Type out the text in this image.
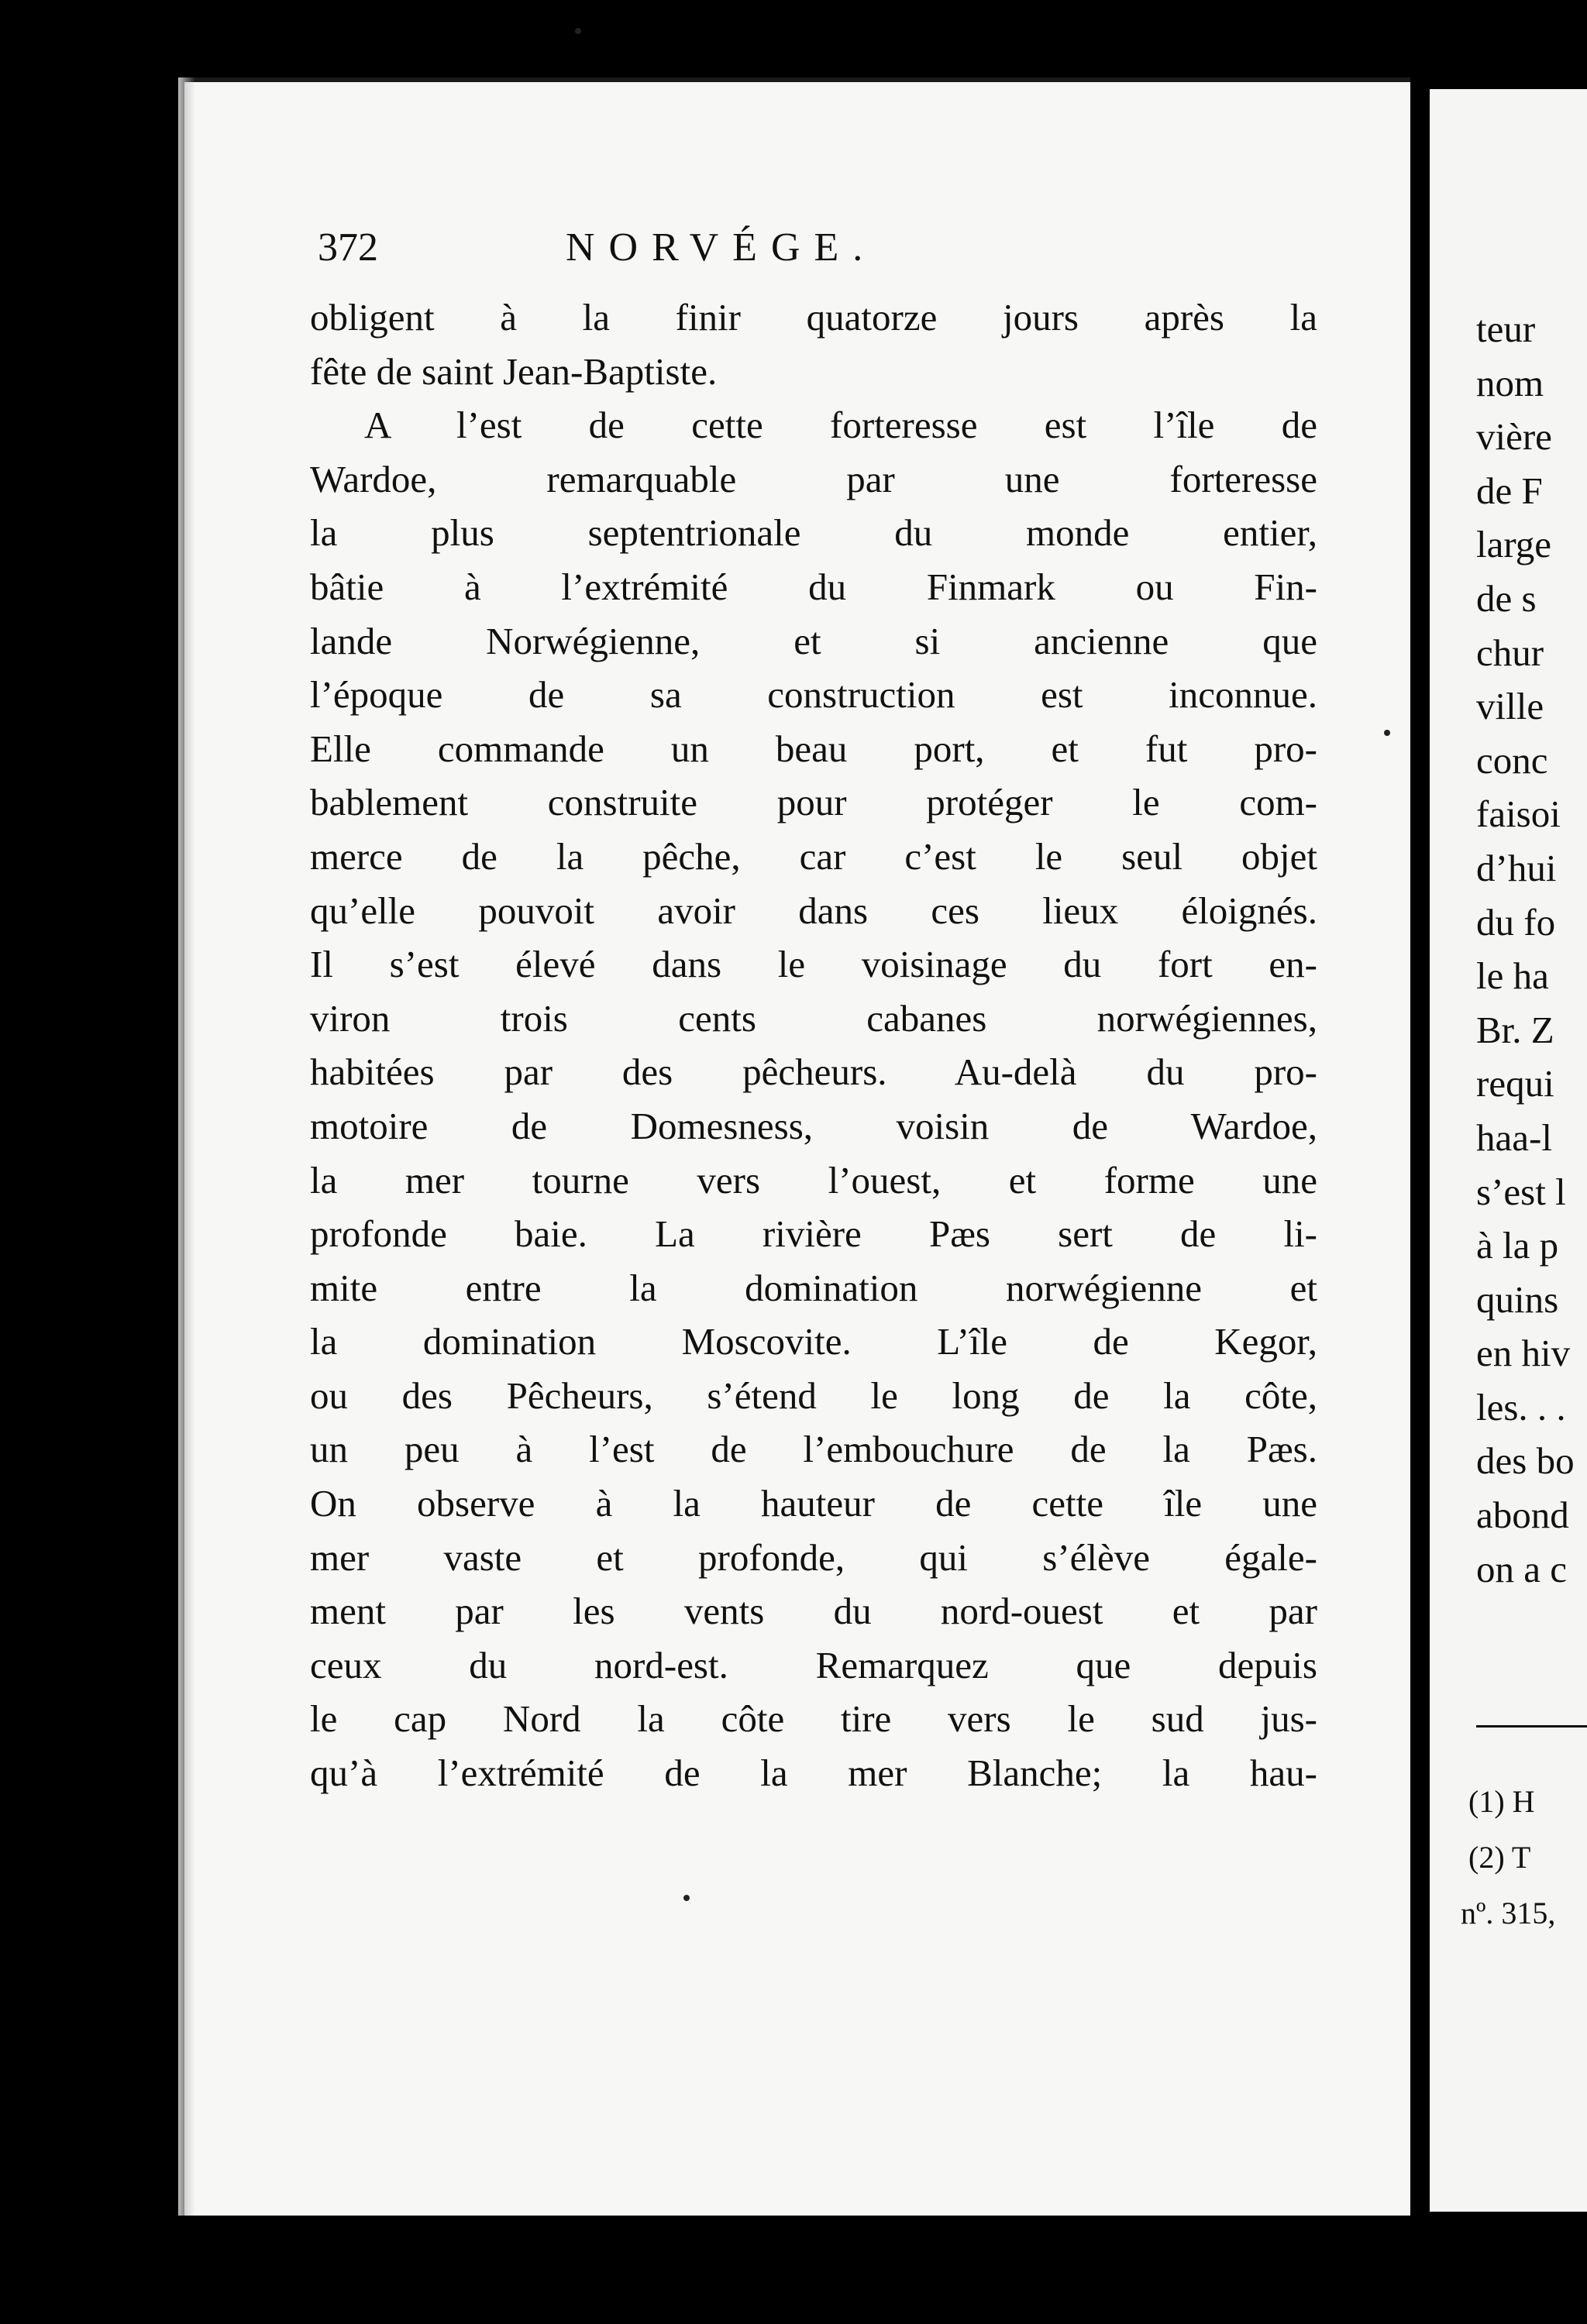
372	NORVÉGE.
obligent à la finir quatorze jours après la
fête de saint Jean-Baptiste.
A l’est de cette forteresse est l’île de
Wardoe, remarquable par une forteresse
la plus septentrionale du monde entier,
bâtie à l’extrémité du Finmark ou Fin-
lande Norwégienne, et si ancienne que
l’époque de sa construction est inconnue.
Elle commande un beau port, et fut pro-
bablement construite pour protéger le com-
merce de la pêche, car c’est le seul objet
qu’elle pouvoit avoir dans ces lieux éloignés.
Il s’est élevé dans le voisinage du fort en-
viron trois cents cabanes norwégiennes,
habitées par des pêcheurs. Au-delà du pro-
motoire de Domesness, voisin de Wardoe,
la mer tourne vers l’ouest, et forme une
profonde baie. La rivière Pæs sert de li-
mite entre la domination norwégienne et
la domination Moscovite. L’île de Kegor,
ou des Pêcheurs, s’étend le long de la côte,
un peu à l’est de l’embouchure de la Pæs.
On observe à la hauteur de cette île une
mer vaste et profonde, qui s’élève égale-
ment par les vents du nord-ouest et par
ceux du nord-est. Remarquez que depuis
le cap Nord la côte tire vers le sud jus-
qu’à l’extrémité de la mer Blanche; la hau-
teur
nom
vière
de F
large
de s
chur
ville
conc
faisoi
d’hui
du fo
le ha
Br. Z
requi
haa-l
s’est l
à la p
quins
en hiv
les. . .
des bo
abond
on a c
(1) H
(2) T
nº. 315,
